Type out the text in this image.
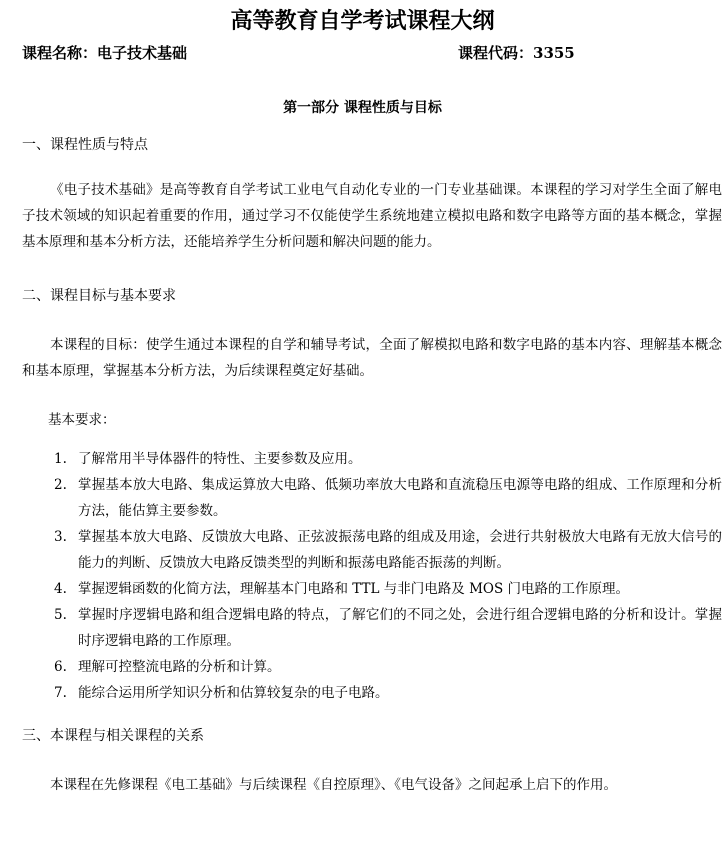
高等教育自学考试课程大纲
课程名称：电子技术基础	课程代码：3355
第一部分 课程性质与目标
一、课程性质与特点
《电子技术基础》是高等教育自学考试工业电气自动化专业的一门专业基础课。本课程的学习对学生全面了解电子技术领域的知识起着重要的作用，通过学习不仅能使学生系统地建立模拟电路和数字电路等方面的基本概念，掌握基本原理和基本分析方法，还能培养学生分析问题和解决问题的能力。
二、课程目标与基本要求
本课程的目标：使学生通过本课程的自学和辅导考试，全面了解模拟电路和数字电路的基本内容、理解基本概念和基本原理，掌握基本分析方法，为后续课程奠定好基础。
基本要求：
1. 了解常用半导体器件的特性、主要参数及应用。
2. 掌握基本放大电路、集成运算放大电路、低频功率放大电路和直流稳压电源等电路的组成、工作原理和分析方法，能估算主要参数。
3. 掌握基本放大电路、反馈放大电路、正弦波振荡电路的组成及用途，会进行共射极放大电路有无放大信号的能力的判断、反馈放大电路反馈类型的判断和振荡电路能否振荡的判断。
4. 掌握逻辑函数的化简方法，理解基本门电路和 TTL 与非门电路及 MOS 门电路的工作原理。
5. 掌握时序逻辑电路和组合逻辑电路的特点，了解它们的不同之处，会进行组合逻辑电路的分析和设计。掌握时序逻辑电路的工作原理。
6. 理解可控整流电路的分析和计算。
7. 能综合运用所学知识分析和估算较复杂的电子电路。
三、本课程与相关课程的关系
本课程在先修课程《电工基础》与后续课程《自控原理》、《电气设备》之间起承上启下的作用。
